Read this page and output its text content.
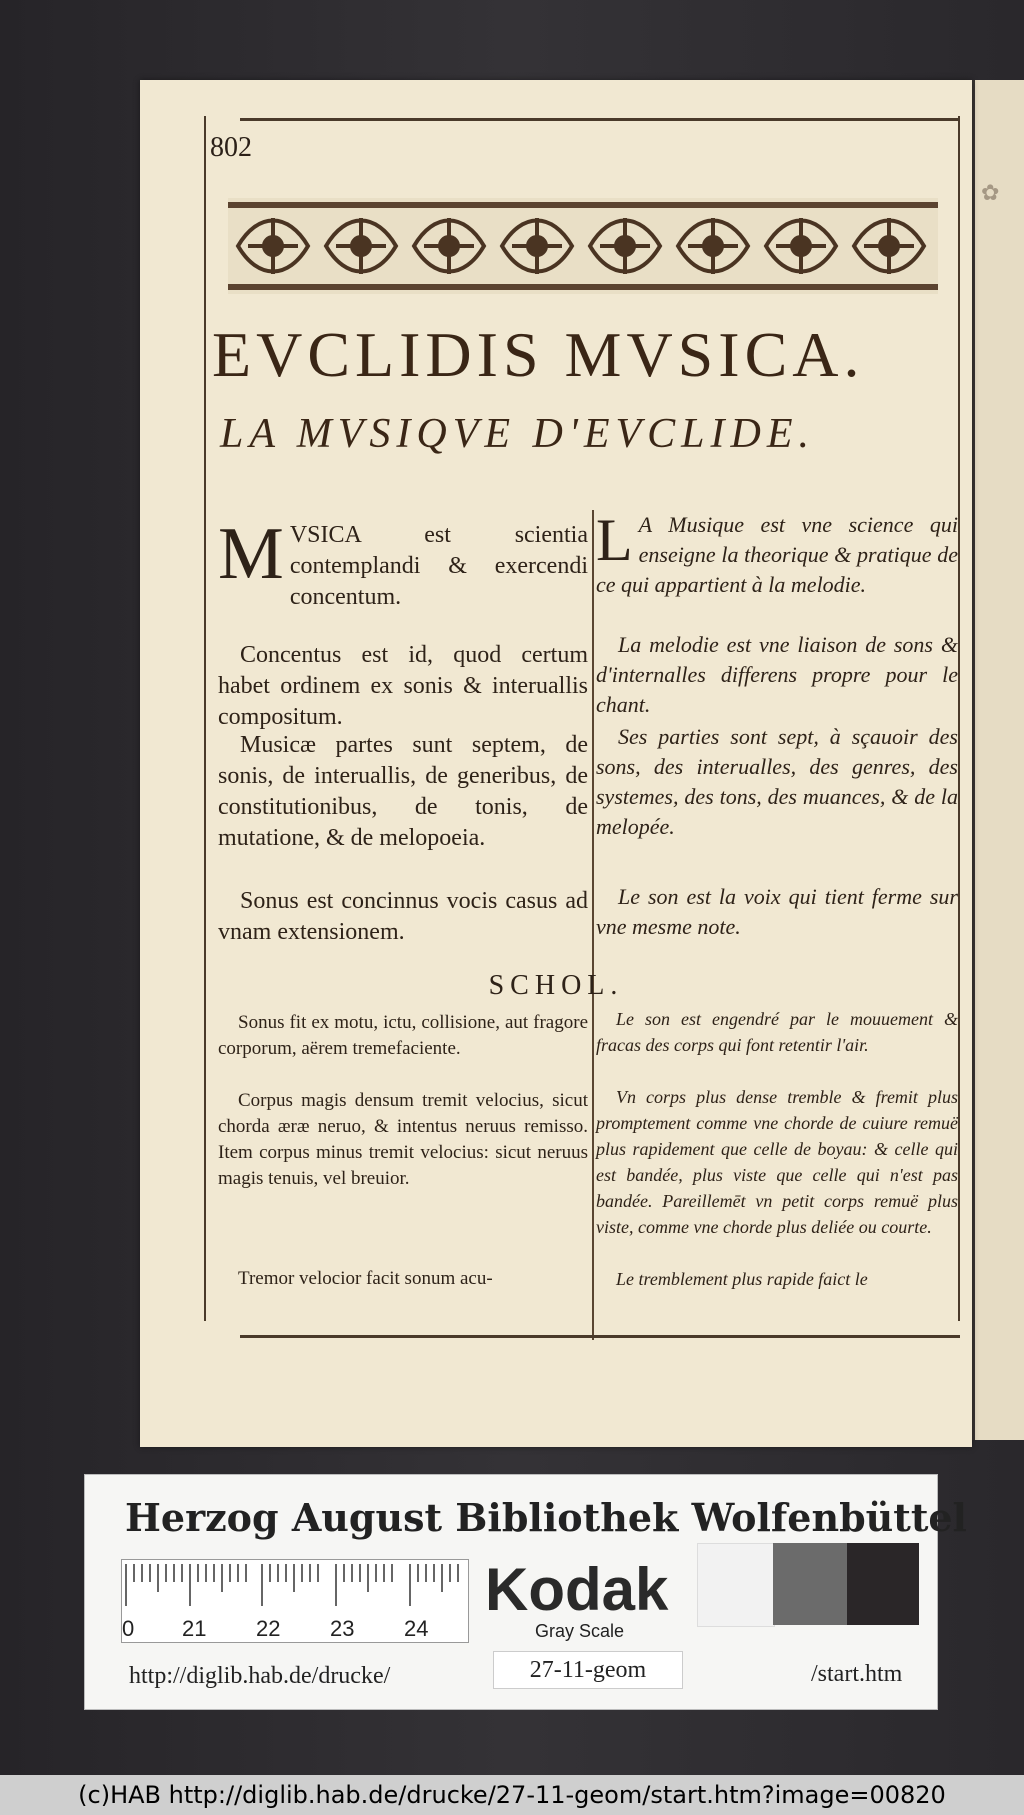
✿
802
EVCLIDIS MVSICA.
LA MVSIQVE D'EVCLIDE.
M VSICA est scientia contemplandi & exercendi concentum.
Concentus est id, quod certum habet ordinem ex sonis & interuallis compositum.
Musicæ partes sunt septem, de sonis, de interuallis, de generibus, de constitutionibus, de tonis, de mutatione, & de melopoeia.
Sonus est concinnus vocis casus ad vnam extensionem.
L A Musique est vne science qui enseigne la theorique & pratique de ce qui appartient à la melodie.
La melodie est vne liaison de sons & d'internalles differens propre pour le chant.
Ses parties sont sept, à sçauoir des sons, des interualles, des genres, des systemes, des tons, des muances, & de la melopée.
Le son est la voix qui tient ferme sur vne mesme note.
SCHOL.
Sonus fit ex motu, ictu, collisione, aut fragore corporum, aërem tremefaciente.
Corpus magis densum tremit velocius, sicut chorda æræ neruo, & intentus neruus remisso. Item corpus minus tremit velocius: sicut neruus magis tenuis, vel breuior.
Tremor velocior facit sonum acu-
Le son est engendré par le mouuement & fracas des corps qui font retentir l'air.
Vn corps plus dense tremble & fremit plus promptement comme vne chorde de cuiure remuë plus rapidement que celle de boyau: & celle qui est bandée, plus viste que celle qui n'est pas bandée. Pareillemēt vn petit corps remuë plus viste, comme vne chorde plus deliée ou courte.
Le tremblement plus rapide faict le
Herzog August Bibliothek Wolfenbüttel
0 21 22 23 24
Kodak
Gray Scale
http://diglib.hab.de/drucke/	27-11-geom	/start.htm
(c)HAB http://diglib.hab.de/drucke/27-11-geom/start.htm?image=00820
